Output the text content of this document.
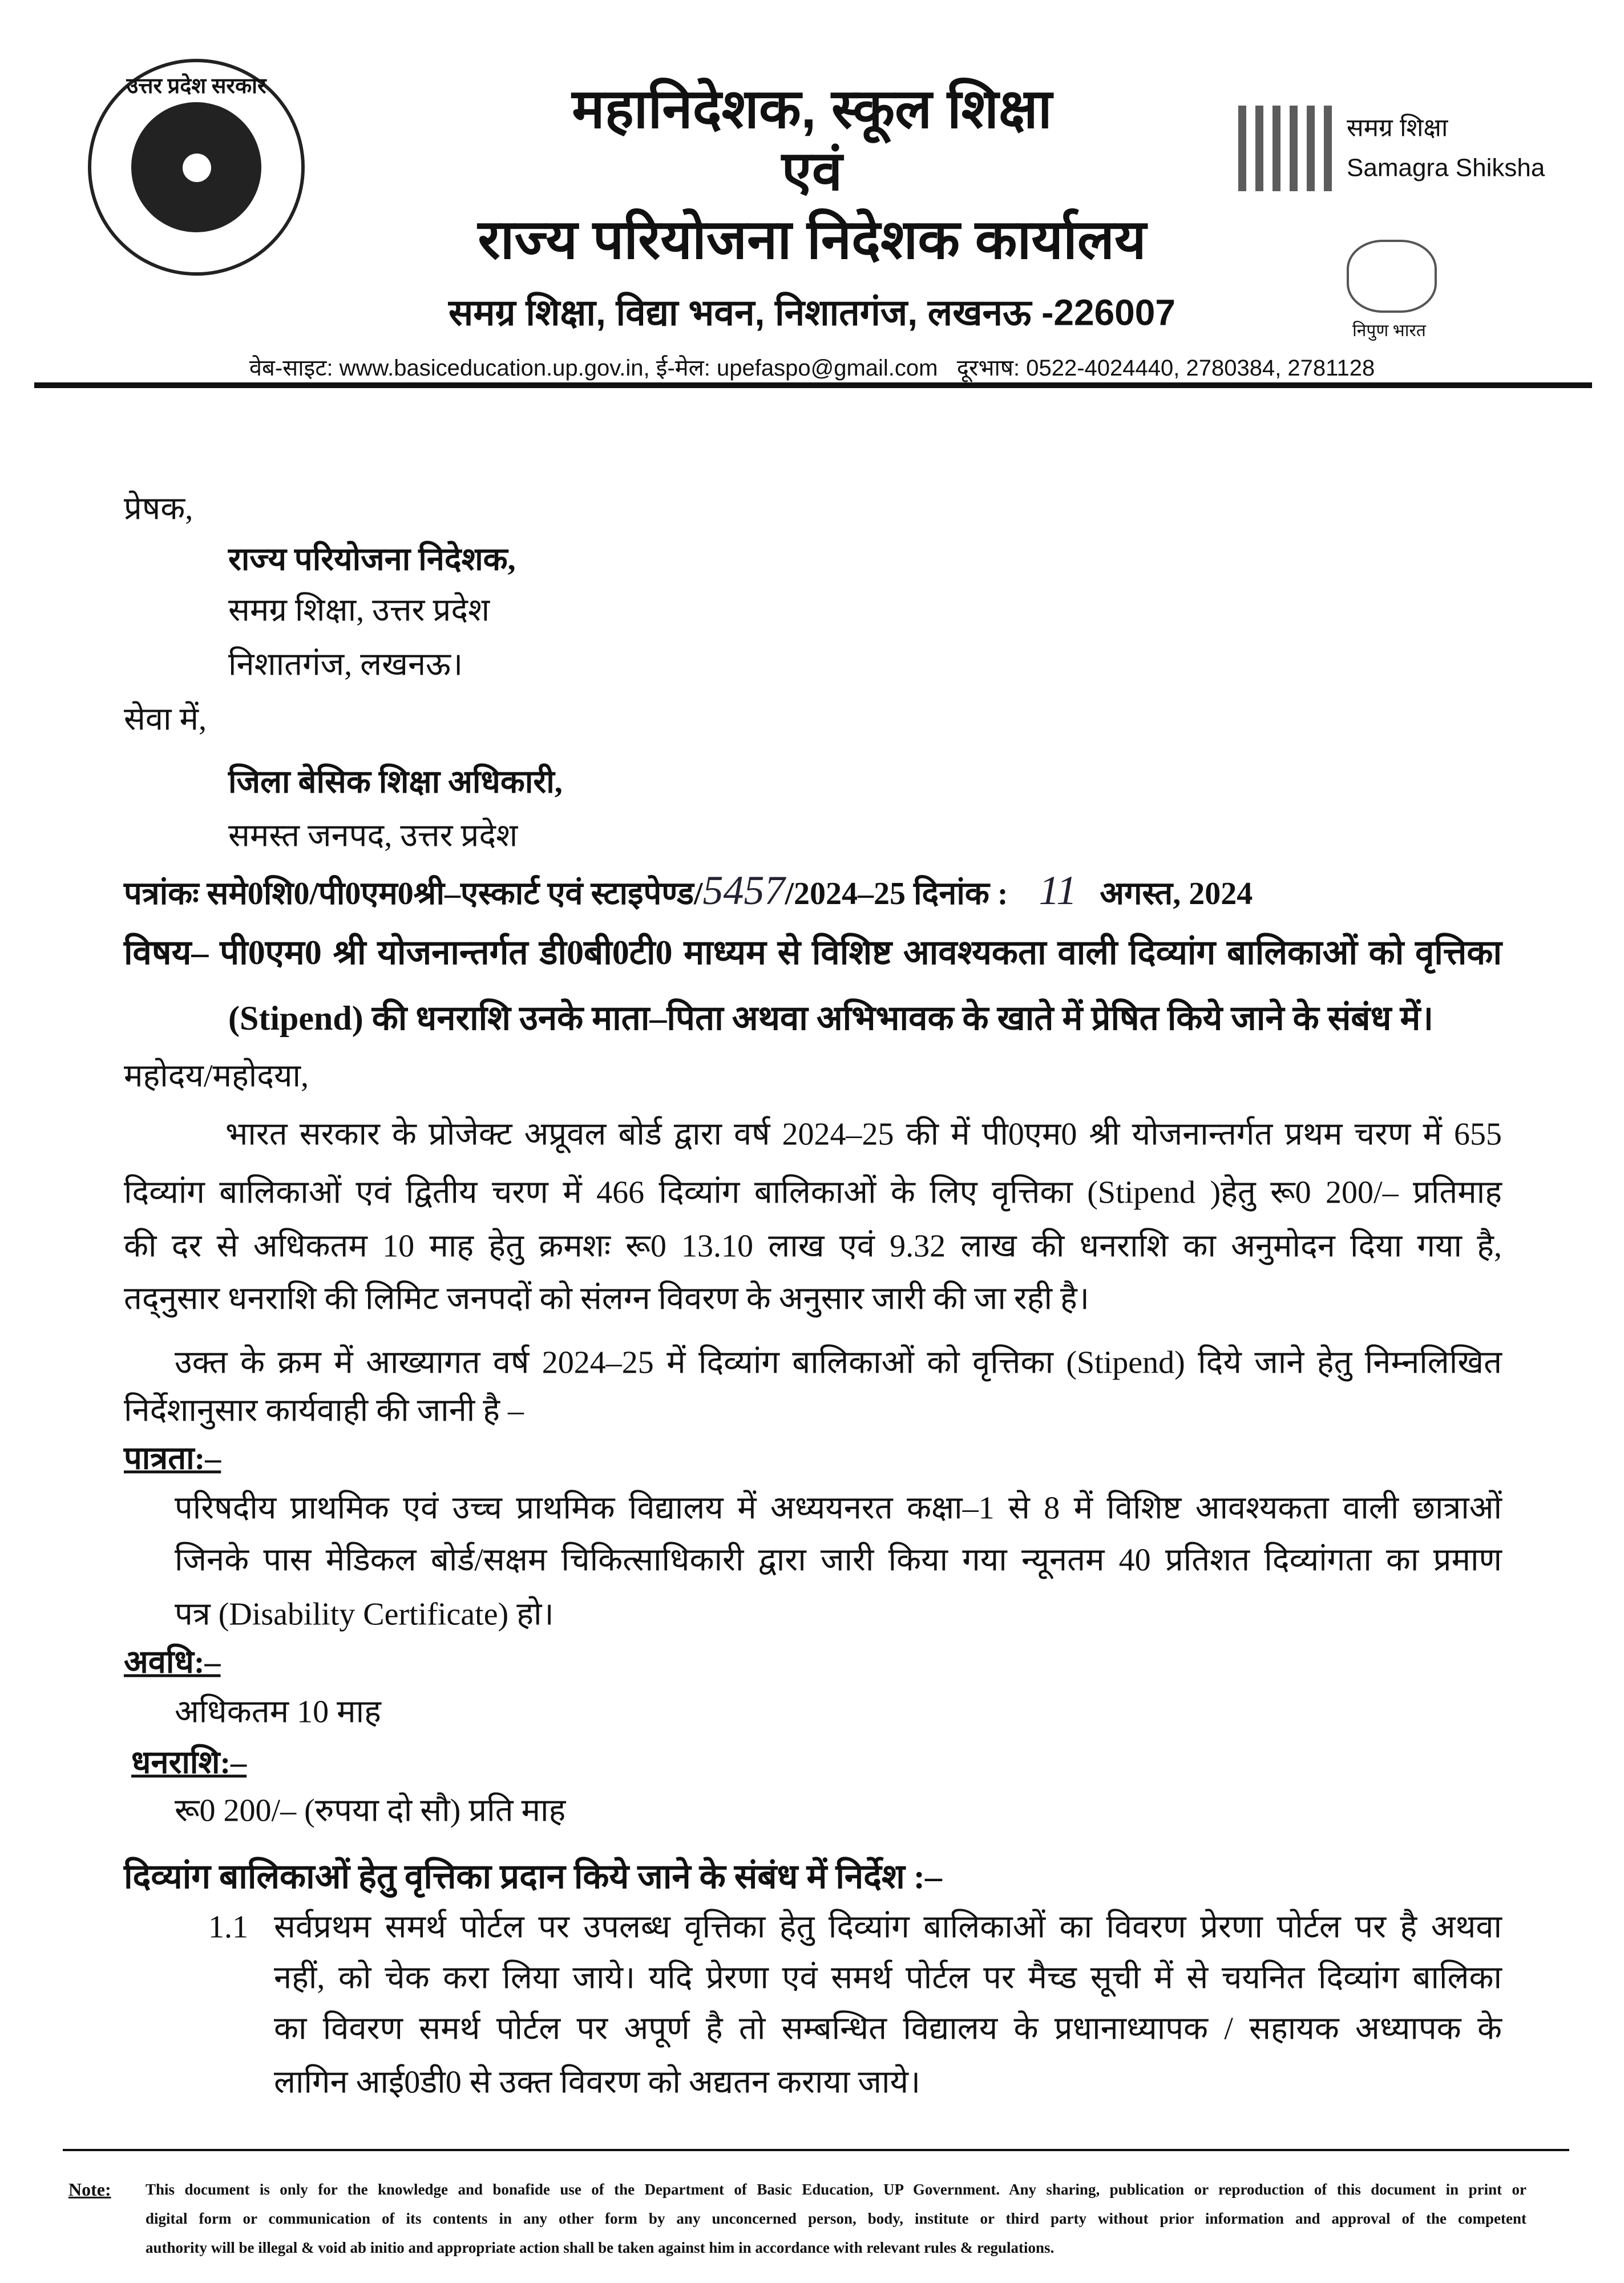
उत्तर प्रदेश सरकार	महानिदेशक, स्कूल शिक्षा
एवं
राज्य परियोजना निदेशक कार्यालय
समग्र शिक्षा, विद्या भवन, निशातगंज, लखनऊ -226007
वेब-साइट: www.basiceducation.up.gov.in, ई-मेल: upefaspo@gmail.com   दूरभाष: 0522-4024440, 2780384, 2781128
समग्र शिक्षा
Samagra Shiksha
निपुण भारत
प्रेषक,
राज्य परियोजना निदेशक,
समग्र शिक्षा, उत्तर प्रदेश
निशातगंज, लखनऊ।
सेवा में,
जिला बेसिक शिक्षा अधिकारी,
समस्त जनपद, उत्तर प्रदेश
पत्रांकः समे0शि0/पी0एम0श्री–एस्कार्ट एवं स्टाइपेण्ड/5457/2024–25 दिनांक : 11 अगस्त, 2024
विषय– पी0एम0 श्री योजनान्तर्गत डी0बी0टी0 माध्यम से विशिष्ट आवश्यकता वाली दिव्यांग बालिकाओं को वृत्तिका
(Stipend) की धनराशि उनके माता–पिता अथवा अभिभावक के खाते में प्रेषित किये जाने के संबंध में।
महोदय/महोदया,
भारत सरकार के प्रोजेक्ट अप्रूवल बोर्ड द्वारा वर्ष 2024–25 की में पी0एम0 श्री योजनान्तर्गत प्रथम चरण में 655
दिव्यांग बालिकाओं एवं द्वितीय चरण में 466 दिव्यांग बालिकाओं के लिए वृत्तिका (Stipend )हेतु रू0 200/– प्रतिमाह
की दर से अधिकतम 10 माह हेतु क्रमशः रू0 13.10 लाख एवं 9.32 लाख की धनराशि का अनुमोदन दिया गया है,
तद्नुसार धनराशि की लिमिट जनपदों को संलग्न विवरण के अनुसार जारी की जा रही है।
उक्त के क्रम में आख्यागत वर्ष 2024–25 में दिव्यांग बालिकाओं को वृत्तिका (Stipend) दिये जाने हेतु निम्नलिखित
निर्देशानुसार कार्यवाही की जानी है –
पात्रता:–
परिषदीय प्राथमिक एवं उच्च प्राथमिक विद्यालय में अध्ययनरत कक्षा–1 से 8 में विशिष्ट आवश्यकता वाली छात्राओं
जिनके पास मेडिकल बोर्ड/सक्षम चिकित्साधिकारी द्वारा जारी किया गया न्यूनतम 40 प्रतिशत दिव्यांगता का प्रमाण
पत्र (Disability Certificate) हो।
अवधि:–
अधिकतम 10 माह
धनराशि:–
रू0 200/– (रुपया दो सौ) प्रति माह
दिव्यांग बालिकाओं हेतु वृत्तिका प्रदान किये जाने के संबंध में निर्देश :–
1.1 सर्वप्रथम समर्थ पोर्टल पर उपलब्ध वृत्तिका हेतु दिव्यांग बालिकाओं का विवरण प्रेरणा पोर्टल पर है अथवा
नहीं, को चेक करा लिया जाये। यदि प्रेरणा एवं समर्थ पोर्टल पर मैच्ड सूची में से चयनित दिव्यांग बालिका
का विवरण समर्थ पोर्टल पर अपूर्ण है तो सम्बन्धित विद्यालय के प्रधानाध्यापक / सहायक अध्यापक के
लागिन आई0डी0 से उक्त विवरण को अद्यतन कराया जाये।
Note: This document is only for the knowledge and bonafide use of the Department of Basic Education, UP Government. Any sharing, publication or reproduction of this document in print or
digital form or communication of its contents in any other form by any unconcerned person, body, institute or third party without prior information and approval of the competent
authority will be illegal & void ab initio and appropriate action shall be taken against him in accordance with relevant rules & regulations.
